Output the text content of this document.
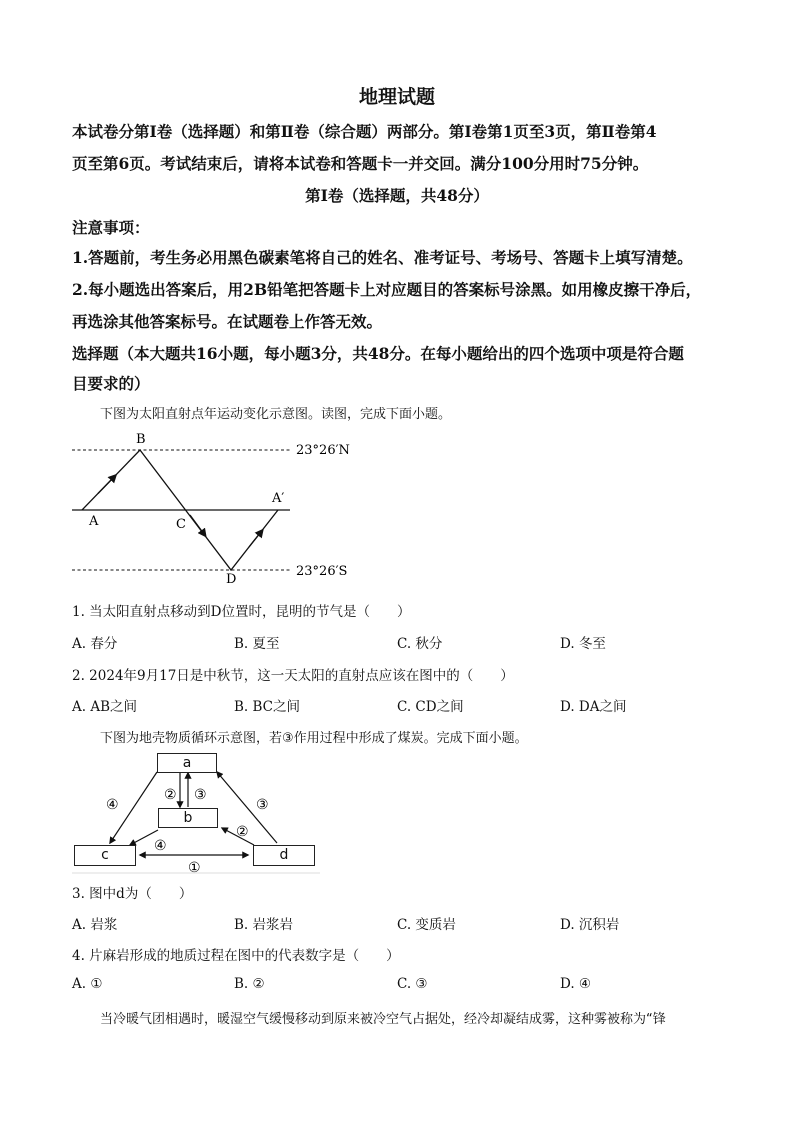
地理试题
本试卷分第Ⅰ卷（选择题）和第Ⅱ卷（综合题）两部分。第Ⅰ卷第1页至3页，第Ⅱ卷第4
页至第6页。考试结束后，请将本试卷和答题卡一并交回。满分100分用时75分钟。
第Ⅰ卷（选择题，共48分）
注意事项：
1.答题前，考生务必用黑色碳素笔将自己的姓名、准考证号、考场号、答题卡上填写清楚。
2.每小题选出答案后，用2B铅笔把答题卡上对应题目的答案标号涂黑。如用橡皮擦干净后，
再选涂其他答案标号。在试题卷上作答无效。
选择题（本大题共16小题，每小题3分，共48分。在每小题给出的四个选项中项是符合题
目要求的）
下图为太阳直射点年运动变化示意图。读图，完成下面小题。
A
B
C
D
A′
23°26′N
23°26′S
1. 当太阳直射点移动到D位置时，昆明的节气是（　　）
A. 春分	B. 夏至	C. 秋分	D. 冬至
2. 2024年9月17日是中秋节，这一天太阳的直射点应该在图中的（　　）
A. AB之间	B. BC之间	C. CD之间	D. DA之间
下图为地壳物质循环示意图，若③作用过程中形成了煤炭。完成下面小题。
④
② ③
③
④
②
①
a
b
c	d
3. 图中d为（　　）
A. 岩浆	B. 岩浆岩	C. 变质岩	D. 沉积岩
4. 片麻岩形成的地质过程在图中的代表数字是（　　）
A. ①	B. ②	C. ③	D. ④
当冷暖气团相遇时，暖湿空气缓慢移动到原来被冷空气占据处，经冷却凝结成雾，这种雾被称为“锋
